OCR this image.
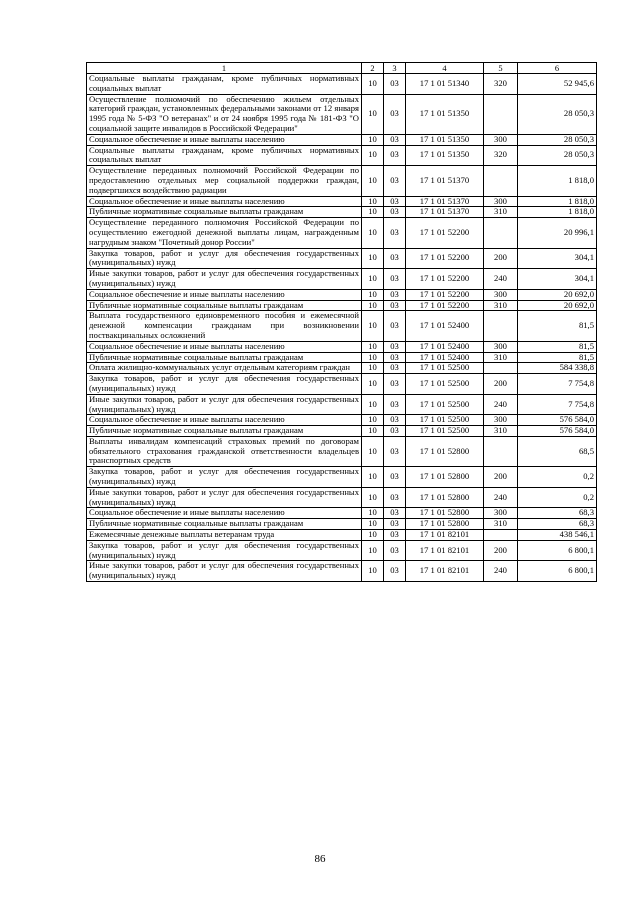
1	2	3	4	5	6
Социальные выплаты гражданам, кроме публичных нормативных социальных выплат	10	03	17 1 01 51340	320	52 945,6
Осуществление полномочий по обеспечению жильем отдельных категорий граждан, установленных федеральными законами от 12 января 1995 года № 5-ФЗ "О ветеранах" и от 24 ноября 1995 года № 181-ФЗ "О социальной защите инвалидов в Российской Федерации"	10	03	17 1 01 51350		28 050,3
Социальное обеспечение и иные выплаты населению	10	03	17 1 01 51350	300	28 050,3
Социальные выплаты гражданам, кроме публичных нормативных социальных выплат	10	03	17 1 01 51350	320	28 050,3
Осуществление переданных полномочий Российской Федерации по предоставлению отдельных мер социальной поддержки граждан, подвергшихся воздействию радиации	10	03	17 1 01 51370		1 818,0
Социальное обеспечение и иные выплаты населению	10	03	17 1 01 51370	300	1 818,0
Публичные нормативные социальные выплаты гражданам	10	03	17 1 01 51370	310	1 818,0
Осуществление переданного полномочия Российской Федерации по осуществлению ежегодной денежной выплаты лицам, награжденным нагрудным знаком "Почетный донор России"	10	03	17 1 01 52200		20 996,1
Закупка товаров, работ и услуг для обеспечения государственных (муниципальных) нужд	10	03	17 1 01 52200	200	304,1
Иные закупки товаров, работ и услуг для обеспечения государственных (муниципальных) нужд	10	03	17 1 01 52200	240	304,1
Социальное обеспечение и иные выплаты населению	10	03	17 1 01 52200	300	20 692,0
Публичные нормативные социальные выплаты гражданам	10	03	17 1 01 52200	310	20 692,0
Выплата государственного единовременного пособия и ежемесячной денежной компенсации гражданам при возникновении поствакцинальных осложнений	10	03	17 1 01 52400		81,5
Социальное обеспечение и иные выплаты населению	10	03	17 1 01 52400	300	81,5
Публичные нормативные социальные выплаты гражданам	10	03	17 1 01 52400	310	81,5
Оплата жилищно-коммунальных услуг отдельным категориям граждан	10	03	17 1 01 52500		584 338,8
Закупка товаров, работ и услуг для обеспечения государственных (муниципальных) нужд	10	03	17 1 01 52500	200	7 754,8
Иные закупки товаров, работ и услуг для обеспечения государственных (муниципальных) нужд	10	03	17 1 01 52500	240	7 754,8
Социальное обеспечение и иные выплаты населению	10	03	17 1 01 52500	300	576 584,0
Публичные нормативные социальные выплаты гражданам	10	03	17 1 01 52500	310	576 584,0
Выплаты инвалидам компенсаций страховых премий по договорам обязательного страхования гражданской ответственности владельцев транспортных средств	10	03	17 1 01 52800		68,5
Закупка товаров, работ и услуг для обеспечения государственных (муниципальных) нужд	10	03	17 1 01 52800	200	0,2
Иные закупки товаров, работ и услуг для обеспечения государственных (муниципальных) нужд	10	03	17 1 01 52800	240	0,2
Социальное обеспечение и иные выплаты населению	10	03	17 1 01 52800	300	68,3
Публичные нормативные социальные выплаты гражданам	10	03	17 1 01 52800	310	68,3
Ежемесячные денежные выплаты ветеранам труда	10	03	17 1 01 82101		438 546,1
Закупка товаров, работ и услуг для обеспечения государственных (муниципальных) нужд	10	03	17 1 01 82101	200	6 800,1
Иные закупки товаров, работ и услуг для обеспечения государственных (муниципальных) нужд	10	03	17 1 01 82101	240	6 800,1
86
